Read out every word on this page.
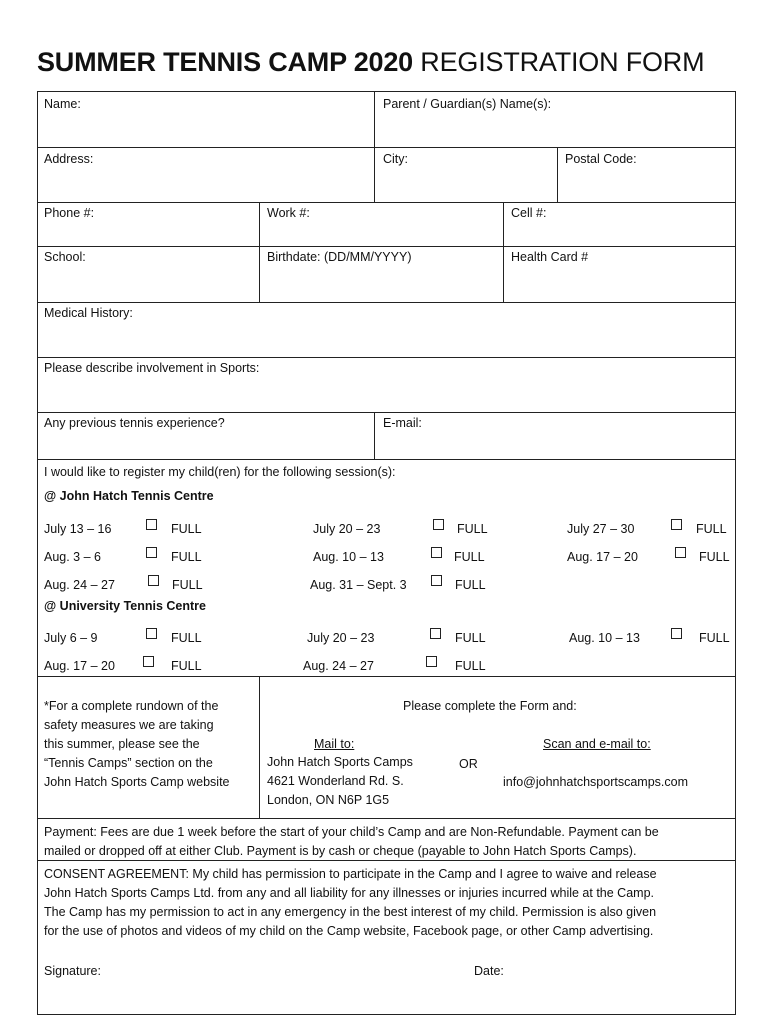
SUMMER TENNIS CAMP 2020 REGISTRATION FORM
Name:	Parent / Guardian(s) Name(s):
Address:	City:	Postal Code:
Phone #:	Work #:	Cell #:
School:	Birthdate: (DD/MM/YYYY)	Health Card #
Medical History:
Please describe involvement in Sports:
Any previous tennis experience?	E-mail:
I would like to register my child(ren) for the following session(s):
@ John Hatch Tennis Centre
July 13 – 16	FULL	July 20 – 23	FULL	July 27 – 30	FULL
Aug. 3 – 6	FULL	Aug. 10 – 13	FULL	Aug. 17 – 20	FULL
Aug. 24 – 27	FULL	Aug. 31 – Sept. 3	FULL
@ University Tennis Centre
July 6 – 9	FULL	July 20 – 23	FULL	Aug. 10 – 13	FULL
Aug. 17 – 20	FULL	Aug. 24 – 27	FULL
*For a complete rundown of the
safety measures we are taking
this summer, please see the
“Tennis Camps” section on the
John Hatch Sports Camp website
Please complete the Form and:
Mail to:
John Hatch Sports Camps
4621 Wonderland Rd. S.
London, ON N6P 1G5
OR
Scan and e-mail to:
info@johnhatchsportscamps.com
Payment: Fees are due 1 week before the start of your child’s Camp and are Non-Refundable. Payment can be
mailed or dropped off at either Club. Payment is by cash or cheque (payable to John Hatch Sports Camps).
CONSENT AGREEMENT: My child has permission to participate in the Camp and I agree to waive and release
John Hatch Sports Camps Ltd. from any and all liability for any illnesses or injuries incurred while at the Camp.
The Camp has my permission to act in any emergency in the best interest of my child. Permission is also given
for the use of photos and videos of my child on the Camp website, Facebook page, or other Camp advertising.
Signature:	Date:
